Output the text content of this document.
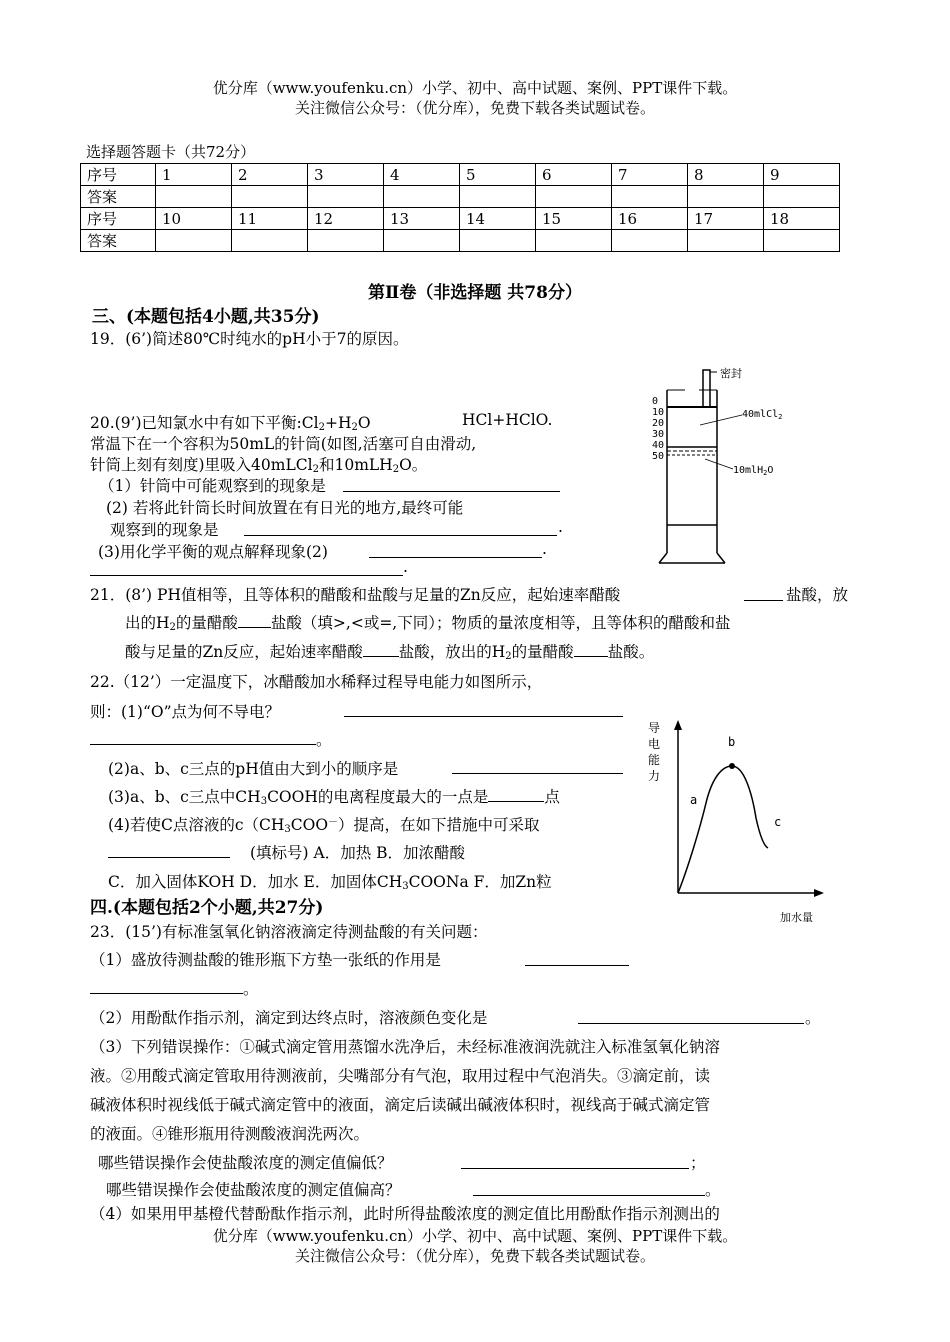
优分库（www.youfenku.cn）小学、初中、高中试题、案例、PPT课件下载。
关注微信公众号：（优分库），免费下载各类试题试卷。
选择题答题卡（共72分）
序号	1	2	3	4	5	6	7	8	9
答案									
序号	10	11	12	13	14	15	16	17	18
答案									
第Ⅱ卷（非选择题 共78分）
三、(本题包括4小题,共35分)
19．(6’)简述80℃时纯水的pH小于7的原因。
20.(9’)已知氯水中有如下平衡$:Cl_2+H_2O$	HCl+HClO.
常温下在一个容积为50mL的针筒(如图,活塞可自由滑动,
针筒上刻有刻度)里吸入40mLCl$_2$和10mLH$_2$O。
（1）针筒中可能观察到的现象是
(2) 若将此针筒长时间放置在有日光的地方,最终可能
观察到的现象是	.
(3)用化学平衡的观点解释现象(2)	.
.
密封
0
10
20
30
40
50
40mlCl$_2$
10mlH$_2$O
21．(8’) PH值相等，且等体积的醋酸和盐酸与足量的Zn反应，起始速率醋酸	盐酸，放
出的$H_2$的量醋酸 盐酸（填>,<或=,下同）；物质的量浓度相等，且等体积的醋酸和盐
酸与足量的Zn反应，起始速率醋酸 盐酸，放出的$H_2$的量醋酸 盐酸。
22.（12’）一定温度下，冰醋酸加水稀释过程导电能力如图所示，
则：(1)“O”点为何不导电？
。
(2)a、b、c三点的pH值由大到小的顺序是
(3)a、b、c三点中$CH_3COOH$的电离程度最大的一点是	点
(4)若使C点溶液的$c(CH_3COO^-)$提高，在如下措施中可采取
(填标号) A．加热 B．加浓醋酸
C．加入固体KOH D．加水 E．加固体$CH_3COONa$ F．加Zn粒
导
电
能
力
b
a
c
加水量
四.(本题包括2个小题,共27分)
23．(15’)有标准氢氧化钠溶液滴定待测盐酸的有关问题：
（1）盛放待测盐酸的锥形瓶下方垫一张纸的作用是
。
（2）用酚酞作指示剂，滴定到达终点时，溶液颜色变化是	。
（3）下列错误操作：①碱式滴定管用蒸馏水洗净后，未经标准液润洗就注入标准氢氧化钠溶
液。②用酸式滴定管取用待测液前，尖嘴部分有气泡，取用过程中气泡消失。③滴定前，读
碱液体积时视线低于碱式滴定管中的液面，滴定后读碱出碱液体积时，视线高于碱式滴定管
的液面。④锥形瓶用待测酸液润洗两次。
哪些错误操作会使盐酸浓度的测定值偏低？	；
哪些错误操作会使盐酸浓度的测定值偏高？	。
（4）如果用甲基橙代替酚酞作指示剂，此时所得盐酸浓度的测定值比用酚酞作指示剂测出的
优分库（www.youfenku.cn）小学、初中、高中试题、案例、PPT课件下载。
关注微信公众号：（优分库），免费下载各类试题试卷。
